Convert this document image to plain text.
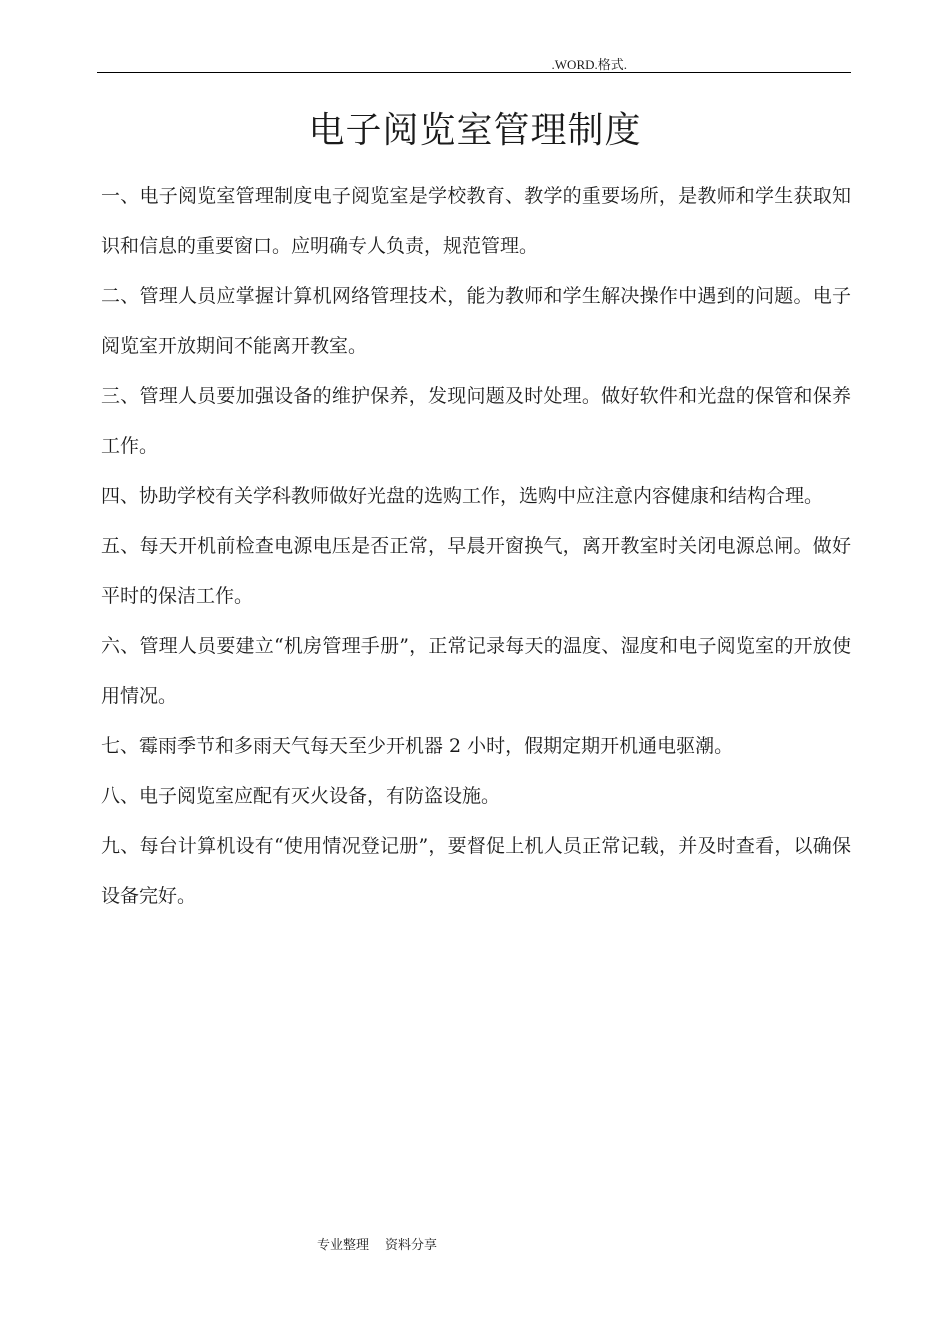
.WORD.格式.
电子阅览室管理制度

一、电子阅览室管理制度电子阅览室是学校教育、教学的重要场所，是教师和学生获取知识和信息的重要窗口。应明确专人负责，规范管理。

二、管理人员应掌握计算机网络管理技术，能为教师和学生解决操作中遇到的问题。电子阅览室开放期间不能离开教室。

三、管理人员要加强设备的维护保养，发现问题及时处理。做好软件和光盘的保管和保养工作。

四、协助学校有关学科教师做好光盘的选购工作，选购中应注意内容健康和结构合理。

五、每天开机前检查电源电压是否正常，早晨开窗换气，离开教室时关闭电源总闸。做好平时的保洁工作。

六、管理人员要建立“机房管理手册”，正常记录每天的温度、湿度和电子阅览室的开放使用情况。

七、霉雨季节和多雨天气每天至少开机器 2 小时，假期定期开机通电驱潮。

八、电子阅览室应配有灭火设备，有防盗设施。

九、每台计算机设有“使用情况登记册”，要督促上机人员正常记载，并及时查看，以确保设备完好。

专业整理 资料分享
